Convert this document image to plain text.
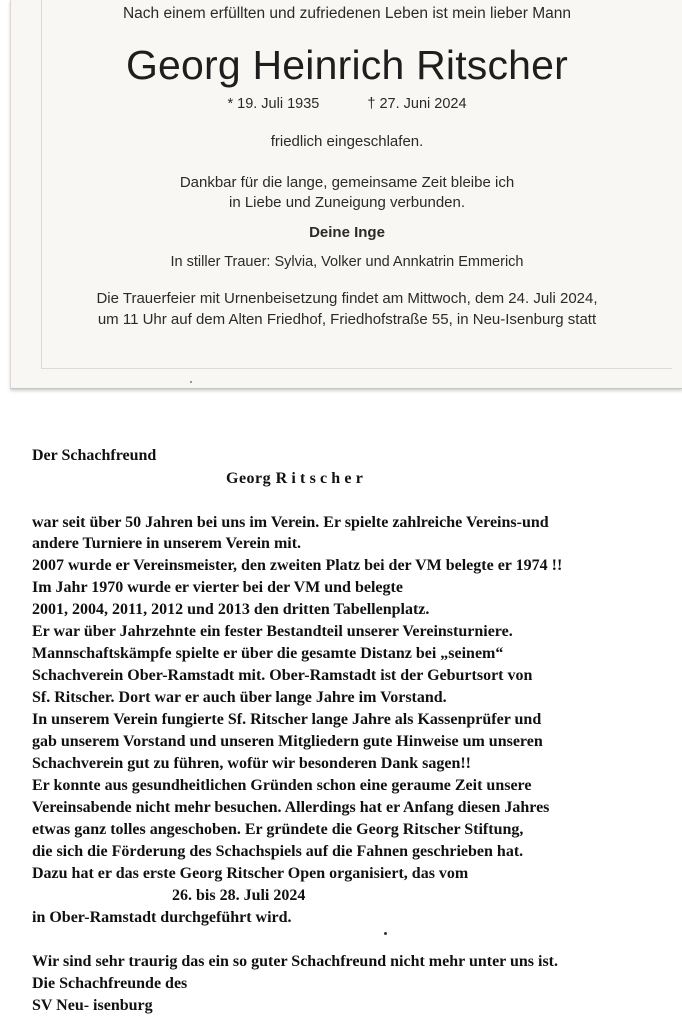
Nach einem erfüllten und zufriedenen Leben ist mein lieber Mann
Georg Heinrich Ritscher
* 19. Juli 1935	† 27. Juni 2024
friedlich eingeschlafen.
Dankbar für die lange, gemeinsame Zeit bleibe ich
in Liebe und Zuneigung verbunden.
Deine Inge
In stiller Trauer: Sylvia, Volker und Annkatrin Emmerich
Die Trauerfeier mit Urnenbeisetzung findet am Mittwoch, dem 24. Juli 2024,
um 11 Uhr auf dem Alten Friedhof, Friedhofstraße 55, in Neu-Isenburg statt
Der Schachfreund
Georg Ritscher
war seit über 50 Jahren bei uns im Verein. Er spielte zahlreiche Vereins-und
andere Turniere in unserem Verein mit.
2007 wurde er Vereinsmeister, den zweiten Platz bei der VM belegte er 1974 !!
Im Jahr 1970 wurde er vierter bei der VM und belegte
2001, 2004, 2011, 2012 und 2013 den dritten Tabellenplatz.
Er war über Jahrzehnte ein fester Bestandteil unserer Vereinsturniere.
Mannschaftskämpfe spielte er über die gesamte Distanz bei „seinem“
Schachverein Ober-Ramstadt mit. Ober-Ramstadt ist der Geburtsort von
Sf. Ritscher. Dort war er auch über lange Jahre im Vorstand.
In unserem Verein fungierte Sf. Ritscher lange Jahre als Kassenprüfer und
gab unserem Vorstand und unseren Mitgliedern gute Hinweise um unseren
Schachverein gut zu führen, wofür wir besonderen Dank sagen!!
Er konnte aus gesundheitlichen Gründen schon eine geraume Zeit unsere
Vereinsabende nicht mehr besuchen. Allerdings hat er Anfang diesen Jahres
etwas ganz tolles angeschoben. Er gründete die Georg Ritscher Stiftung,
die sich die Förderung des Schachspiels auf die Fahnen geschrieben hat.
Dazu hat er das erste Georg Ritscher Open organisiert, das vom
26. bis 28. Juli 2024
in Ober-Ramstadt durchgeführt wird.
Wir sind sehr traurig das ein so guter Schachfreund nicht mehr unter uns ist.
Die Schachfreunde des
SV Neu- isenburg
